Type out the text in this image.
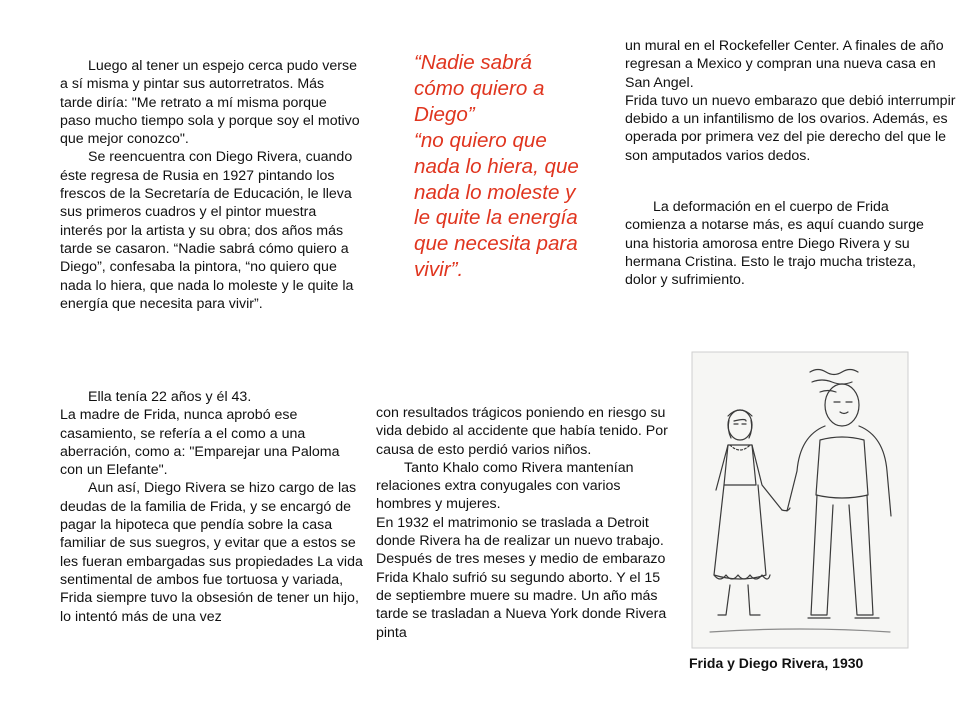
Luego al tener un espejo cerca pudo verse a sí misma y pintar sus autorretratos. Más tarde diría: "Me retrato a mí misma porque paso mucho tiempo sola y porque soy el motivo que mejor conozco".

Se reencuentra con Diego Rivera, cuando éste regresa de Rusia en 1927 pintando los frescos de la Secretaría de Educación, le lleva sus primeros cuadros y el pintor muestra interés por la artista y su obra; dos años más tarde se casaron. “Nadie sabrá cómo quiero a Diego”, confesaba la pintora, “no quiero que nada lo hiera, que nada lo moleste y le quite la energía que necesita para vivir”.

“Nadie sabrá cómo quiero a Diego”

“no quiero que nada lo hiera, que nada lo moleste y le quite la energía que necesita para vivir”.

Ella tenía 22 años y él 43.

La madre de Frida, nunca aprobó ese casamiento, se refería a el como a una aberración, como a: "Emparejar una Paloma con un Elefante".

Aun así, Diego Rivera se hizo cargo de las deudas de la familia de Frida, y se encargó de pagar la hipoteca que pendía sobre la casa familiar de sus suegros, y evitar que a estos se les fueran embargadas sus propiedades La vida sentimental de ambos fue tortuosa y variada, Frida siempre tuvo la obsesión de tener un hijo, lo intentó más de una vez

con resultados trágicos poniendo en riesgo su vida debido al accidente que había tenido. Por causa de esto perdió varios niños.

Tanto Khalo como Rivera mantenían relaciones extra conyugales con varios hombres y mujeres.

En 1932 el matrimonio se traslada a Detroit donde Rivera ha de realizar un nuevo trabajo. Después de tres meses y medio de embarazo Frida Khalo sufrió su segundo aborto. Y el 15 de septiembre muere su madre. Un año más tarde se trasladan a Nueva York donde Rivera pinta

un mural en el Rockefeller Center. A finales de año regresan a Mexico y compran una nueva casa en San Angel.

Frida tuvo un nuevo embarazo que debió interrumpir debido a un infantilismo de los ovarios. Además, es operada por primera vez del pie derecho del que le son amputados varios dedos.

La deformación en el cuerpo de Frida comienza a notarse más, es aquí cuando surge una historia amorosa entre Diego Rivera y su hermana Cristina. Esto le trajo mucha tristeza, dolor y sufrimiento.

Frida y Diego Rivera, 1930
